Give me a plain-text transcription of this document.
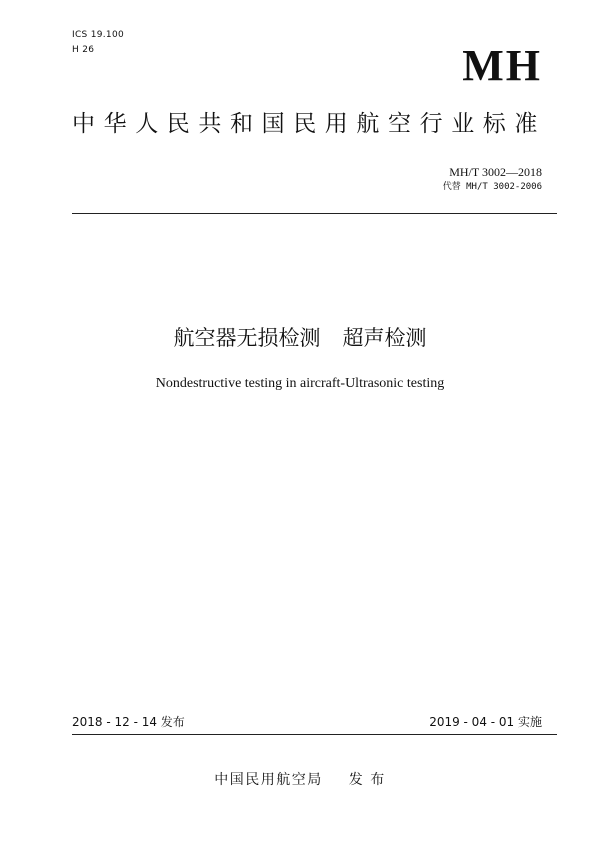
ICS 19.100
H 26	MH
中华人民共和国民用航空行业标准
MH/T 3002—2018
代替 MH/T 3002-2006
航空器无损检测 超声检测
Nondestructive testing in aircraft-Ultrasonic testing
2018 - 12 - 14 发布	2019 - 04 - 01 实施
中国民用航空局 发 布
